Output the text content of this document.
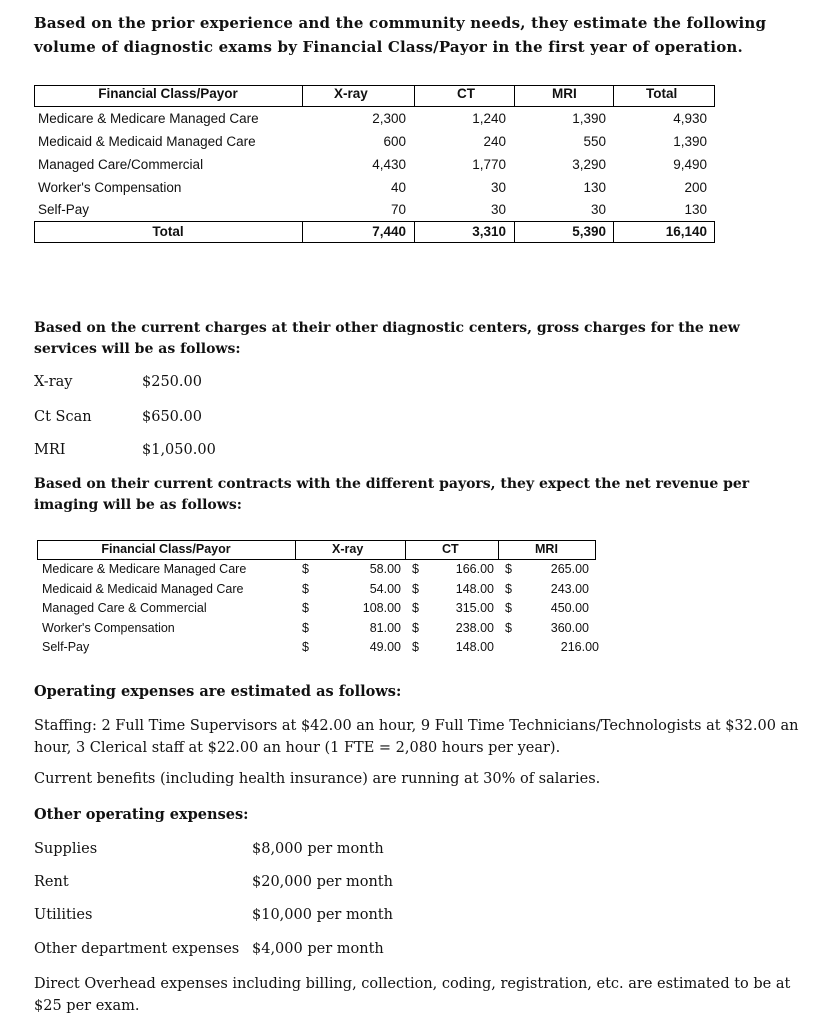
Based on the prior experience and the community needs, they estimate the following volume of diagnostic exams by Financial Class/Payor in the first year of operation.
Financial Class/Payor	X-ray	CT	MRI	Total
Medicare & Medicare Managed Care	2,300	1,240	1,390	4,930
Medicaid & Medicaid Managed Care	600	240	550	1,390
Managed Care/Commercial	4,430	1,770	3,290	9,490
Worker's Compensation	40	30	130	200
Self-Pay	70	30	30	130
Total	7,440	3,310	5,390	16,140
Based on the current charges at their other diagnostic centers, gross charges for the new services will be as follows:
X-ray	$250.00
Ct Scan	$650.00
MRI	$1,050.00
Based on their current contracts with the different payors, they expect the net revenue per imaging will be as follows:
Financial Class/Payor	X-ray	CT	MRI
Medicare & Medicare Managed Care	$	58.00 $	166.00 $	265.00
Medicaid & Medicaid Managed Care	$	54.00 $	148.00 $	243.00
Managed Care & Commercial	$	108.00 $	315.00 $	450.00
Worker's Compensation	$	81.00 $	238.00 $	360.00
Self-Pay	$	49.00 $	148.00	216.00
Operating expenses are estimated as follows:
Staffing: 2 Full Time Supervisors at $42.00 an hour, 9 Full Time Technicians/Technologists at $32.00 an hour, 3 Clerical staff at $22.00 an hour (1 FTE = 2,080 hours per year).
Current benefits (including health insurance) are running at 30% of salaries.
Other operating expenses:
Supplies	$8,000 per month
Rent	$20,000 per month
Utilities	$10,000 per month
Other department expenses $4,000 per month
Direct Overhead expenses including billing, collection, coding, registration, etc. are estimated to be at $25 per exam.
